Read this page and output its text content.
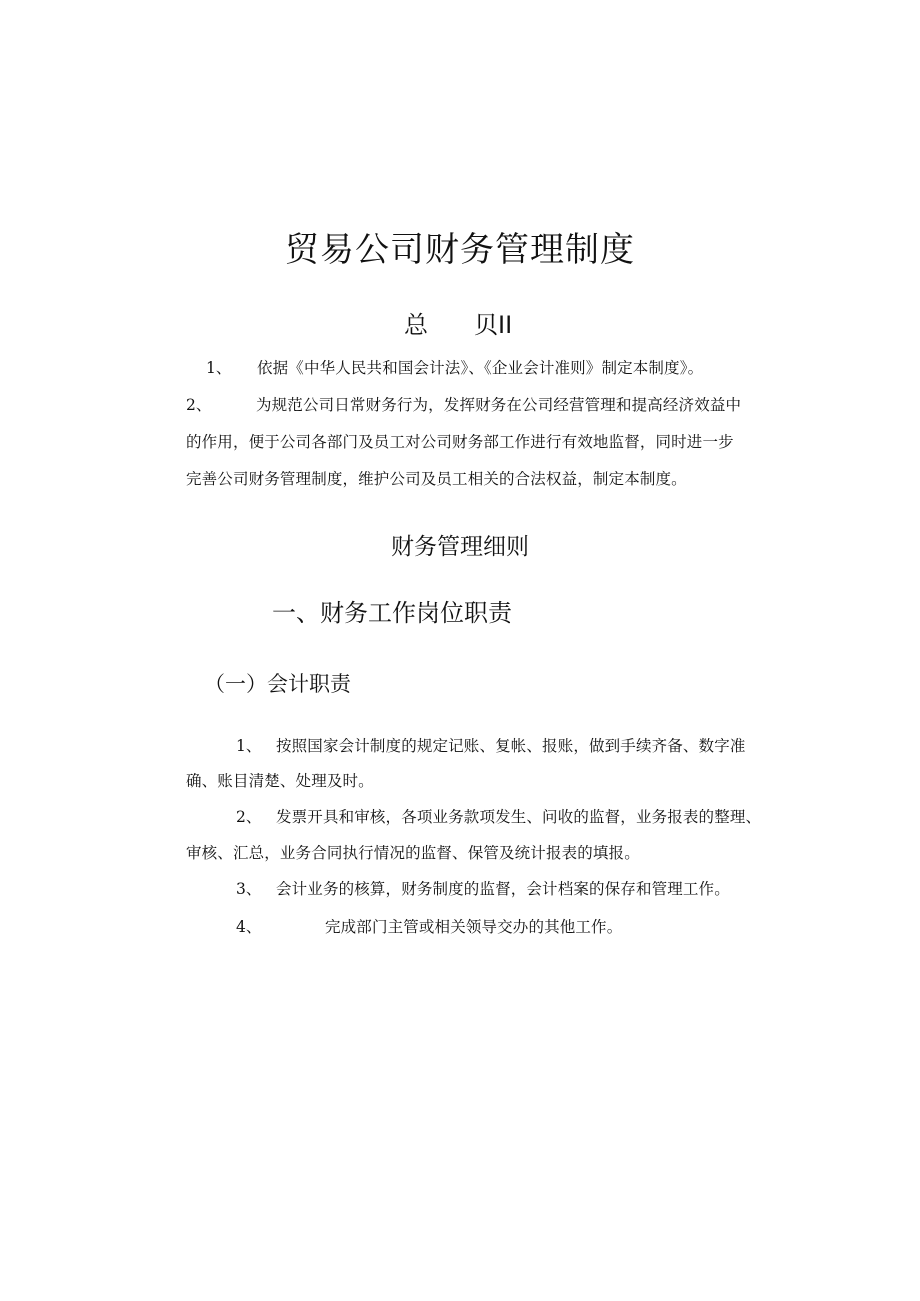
贸易公司财务管理制度
总 贝II
1、 依据《中华人民共和国会计法》、《企业会计准则》制定本制度》。
2、	为规范公司日常财务行为，发挥财务在公司经营管理和提高经济效益中
的作用，便于公司各部门及员工对公司财务部工作进行有效地监督，同时进一步
完善公司财务管理制度，维护公司及员工相关的合法权益，制定本制度。
财务管理细则
一、财务工作岗位职责
（一）会计职责
1、 按照国家会计制度的规定记账、复帐、报账，做到手续齐备、数字准
确、账目清楚、处理及时。
2、 发票开具和审核，各项业务款项发生、问收的监督，业务报表的整理、
审核、汇总，业务合同执行情况的监督、保管及统计报表的填报。
3、 会计业务的核算，财务制度的监督，会计档案的保存和管理工作。
4、	完成部门主管或相关领导交办的其他工作。
